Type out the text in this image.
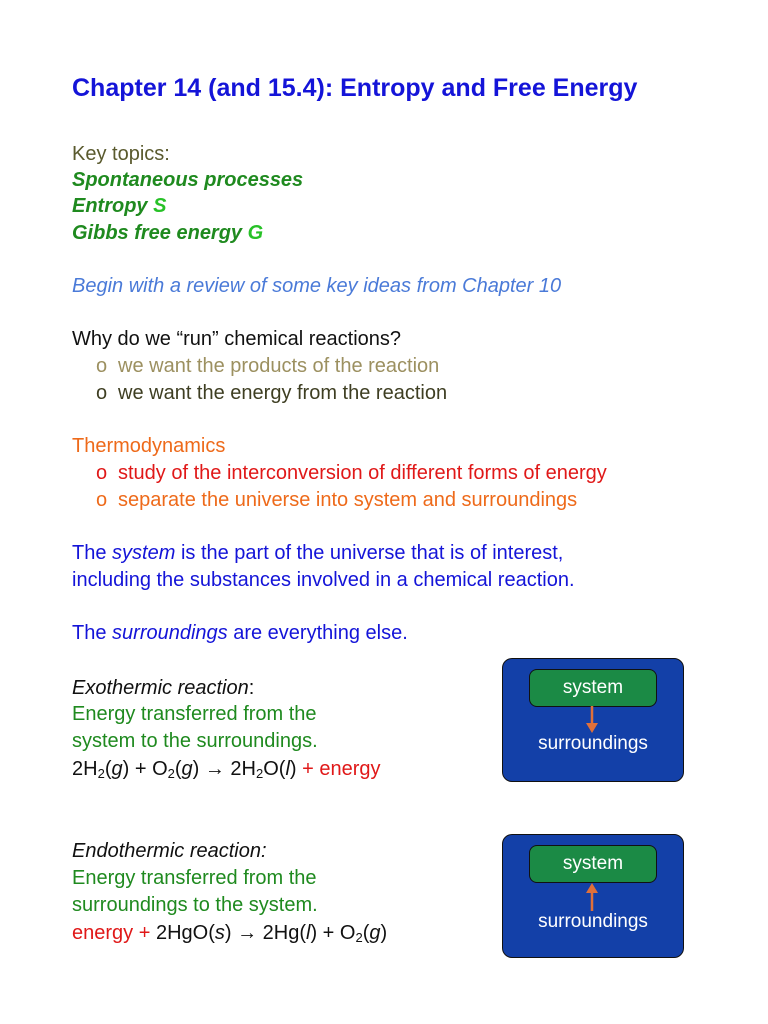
Chapter 14 (and 15.4): Entropy and Free Energy
Key topics:
Spontaneous processes
Entropy S
Gibbs free energy G
Begin with a review of some key ideas from Chapter 10
Why do we “run” chemical reactions?
o we want the products of the reaction
o we want the energy from the reaction
Thermodynamics
o study of the interconversion of different forms of energy
o separate the universe into system and surroundings
The system is the part of the universe that is of interest,
including the substances involved in a chemical reaction.
The surroundings are everything else.
Exothermic reaction:
Energy transferred from the
system to the surroundings.
$2H_2(g) + O_2(g) \to 2H_2O(l)$ + energy
system
surroundings
Endothermic reaction:
Energy transferred from the
surroundings to the system.
energy + $2HgO(s) \to 2Hg(l) + O_2(g)$
system
surroundings
